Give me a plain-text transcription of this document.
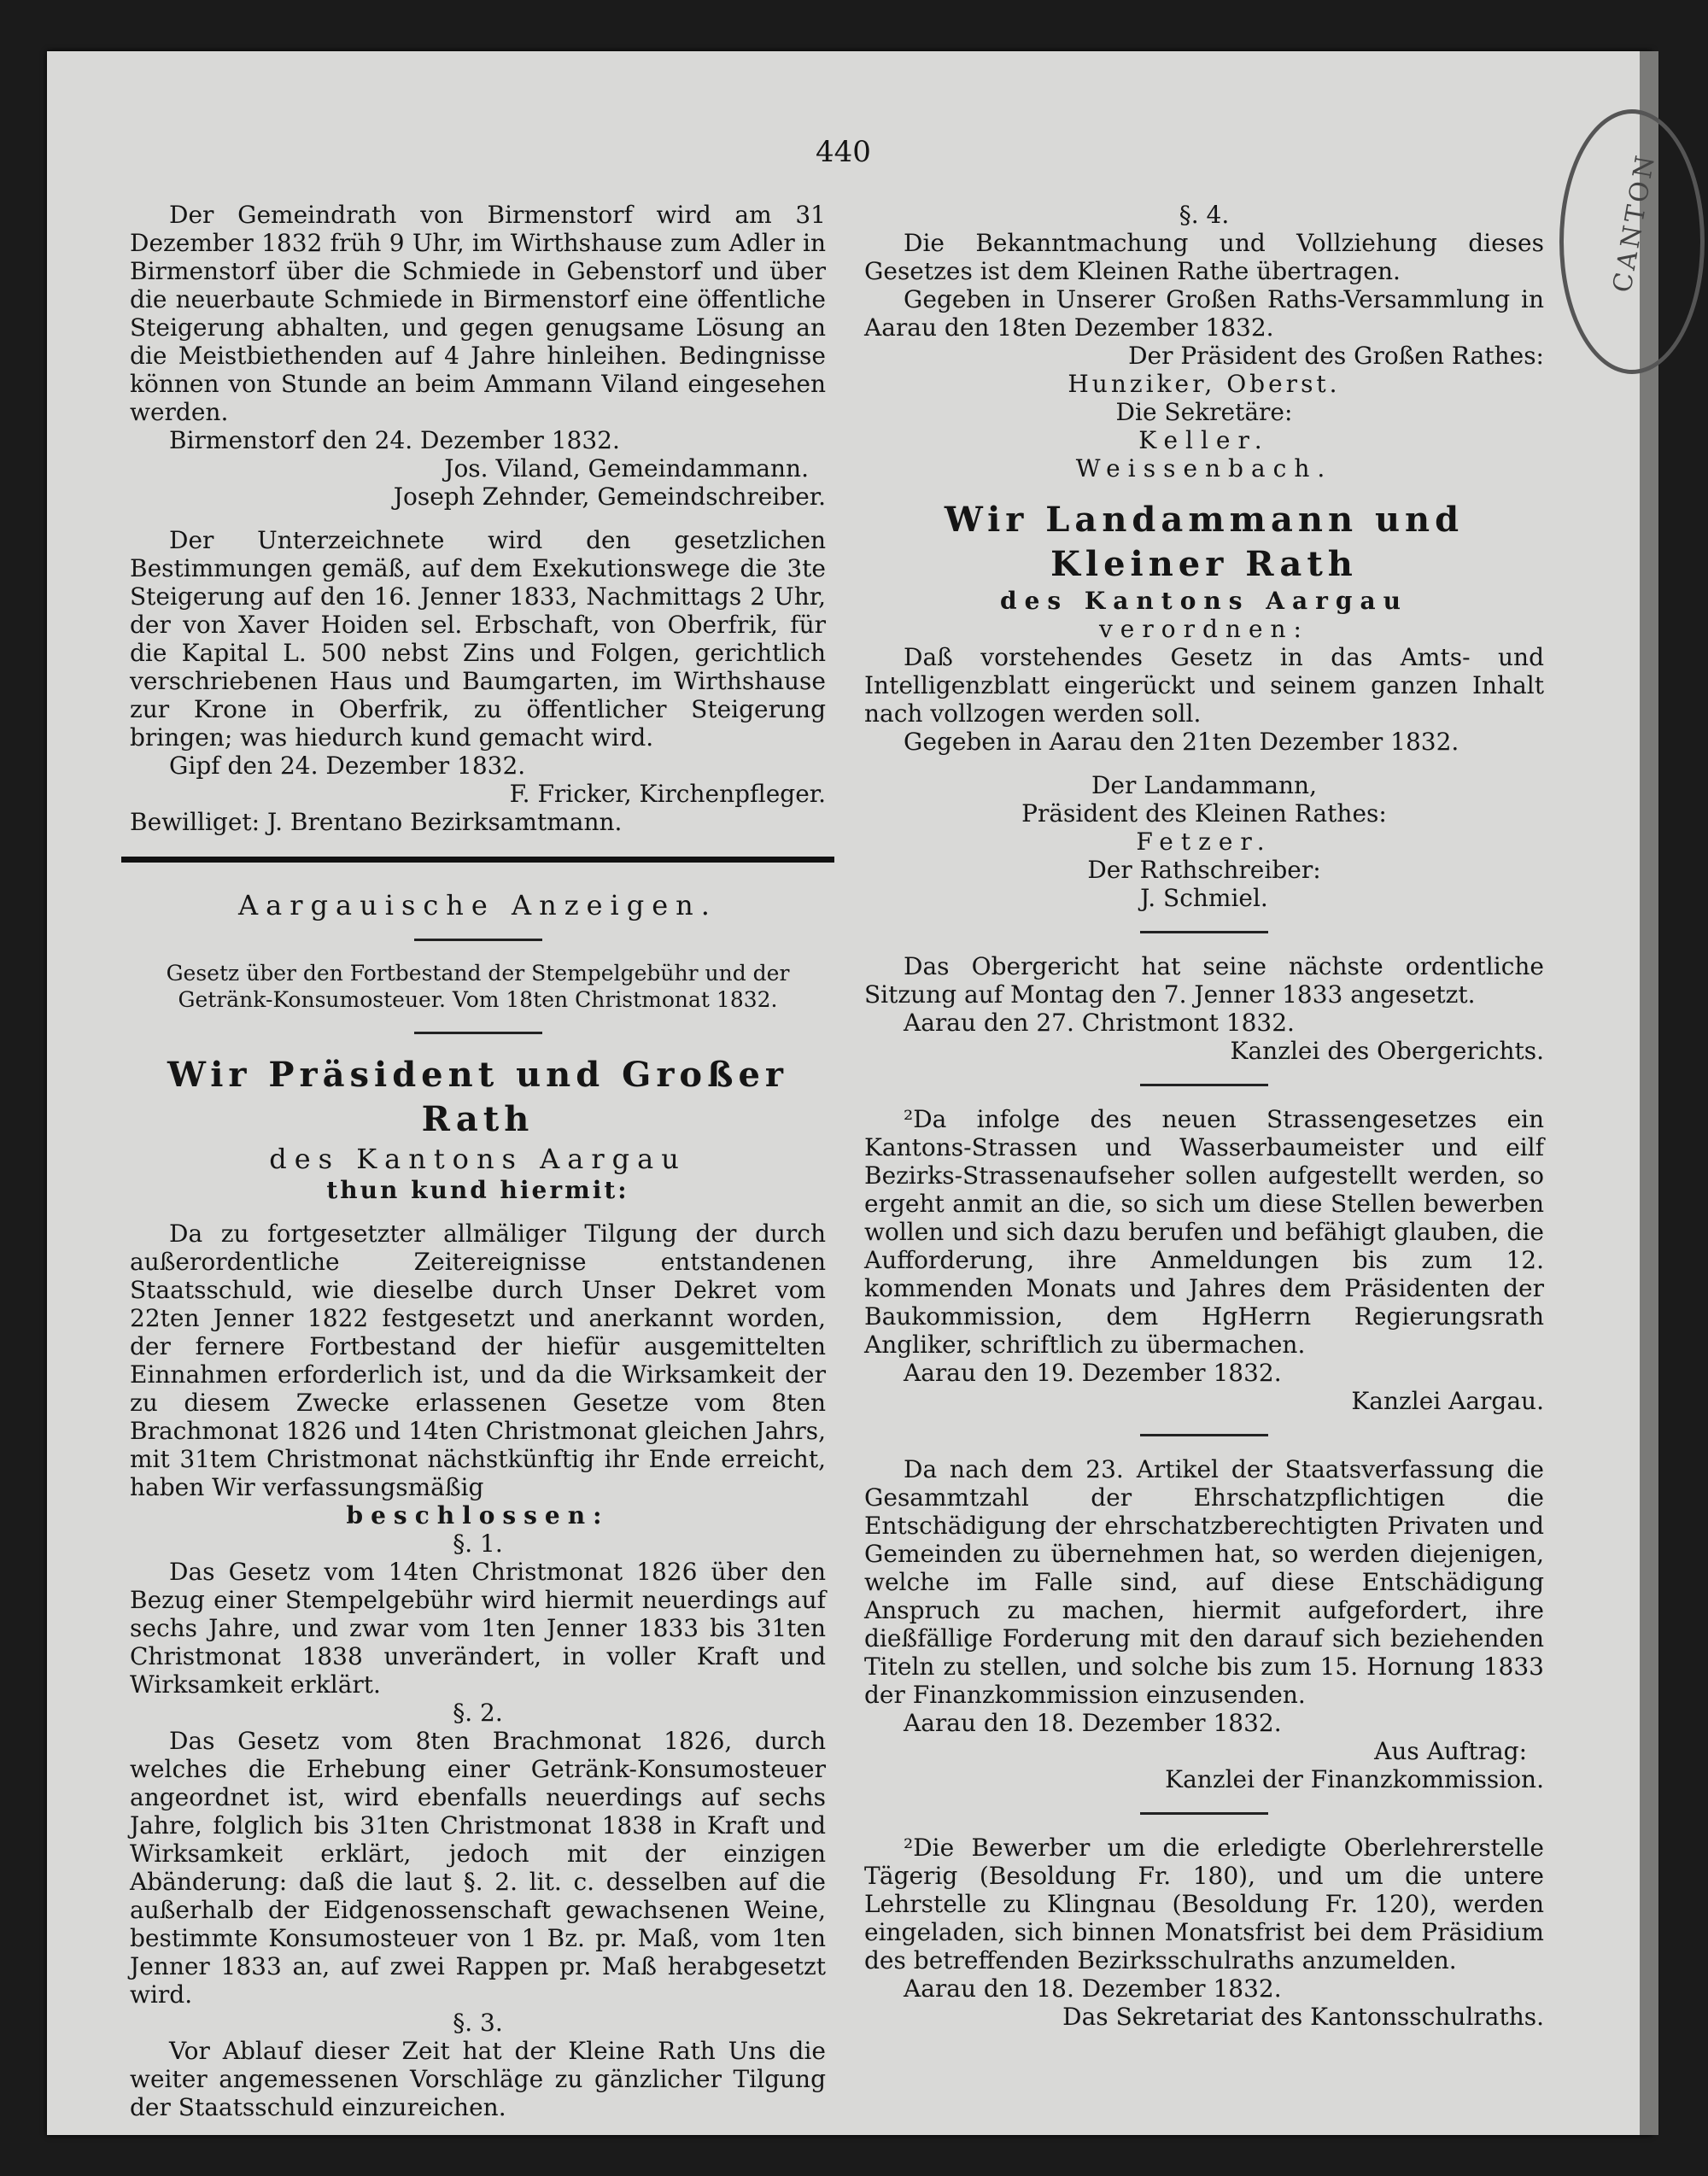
440	CANTON

Der Gemeindrath von Birmenstorf wird am 31 Dezember 1832 früh 9 Uhr, im Wirthshause zum Adler in Birmenstorf über die Schmiede in Gebenstorf und über die neuerbaute Schmiede in Birmenstorf eine öffentliche Steigerung abhalten, und gegen genugsame Lösung an die Meistbiethenden auf 4 Jahre hinleihen. Bedingnisse können von Stunde an beim Ammann Viland eingesehen werden.

Birmenstorf den 24. Dezember 1832.

Jos. Viland, Gemeindammann.

Joseph Zehnder, Gemeindschreiber.

Der Unterzeichnete wird den gesetzlichen Bestimmungen gemäß, auf dem Exekutionswege die 3te Steigerung auf den 16. Jenner 1833, Nachmittags 2 Uhr, der von Xaver Hoiden sel. Erbschaft, von Oberfrik, für die Kapital L. 500 nebst Zins und Folgen, gerichtlich verschriebenen Haus und Baumgarten, im Wirthshause zur Krone in Oberfrik, zu öffentlicher Steigerung bringen; was hiedurch kund gemacht wird.

Gipf den 24. Dezember 1832.

F. Fricker, Kirchenpfleger.

Bewilliget: J. Brentano Bezirksamtmann.

Aargauische Anzeigen.

Gesetz über den Fortbestand der Stempelgebühr und der Getränk-Konsumosteuer. Vom 18ten Christmonat 1832.

Wir Präsident und Großer Rath

des Kantons Aargau

thun kund hiermit:

Da zu fortgesetzter allmäliger Tilgung der durch außerordentliche Zeitereignisse entstandenen Staatsschuld, wie dieselbe durch Unser Dekret vom 22ten Jenner 1822 festgesetzt und anerkannt worden, der fernere Fortbestand der hiefür ausgemittelten Einnahmen erforderlich ist, und da die Wirksamkeit der zu diesem Zwecke erlassenen Gesetze vom 8ten Brachmonat 1826 und 14ten Christmonat gleichen Jahrs, mit 31tem Christmonat nächstkünftig ihr Ende erreicht, haben Wir verfassungsmäßig

beschlossen:

§. 1.

Das Gesetz vom 14ten Christmonat 1826 über den Bezug einer Stempelgebühr wird hiermit neuerdings auf sechs Jahre, und zwar vom 1ten Jenner 1833 bis 31ten Christmonat 1838 unverändert, in voller Kraft und Wirksamkeit erklärt.

§. 2.

Das Gesetz vom 8ten Brachmonat 1826, durch welches die Erhebung einer Getränk-Konsumosteuer angeordnet ist, wird ebenfalls neuerdings auf sechs Jahre, folglich bis 31ten Christmonat 1838 in Kraft und Wirksamkeit erklärt, jedoch mit der einzigen Abänderung: daß die laut §. 2. lit. c. desselben auf die außerhalb der Eidgenossenschaft gewachsenen Weine, bestimmte Konsumosteuer von 1 Bz. pr. Maß, vom 1ten Jenner 1833 an, auf zwei Rappen pr. Maß herabgesetzt wird.

§. 3.

Vor Ablauf dieser Zeit hat der Kleine Rath Uns die weiter angemessenen Vorschläge zu gänzlicher Tilgung der Staatsschuld einzureichen.

§. 4.

Die Bekanntmachung und Vollziehung dieses Gesetzes ist dem Kleinen Rathe übertragen.

Gegeben in Unserer Großen Raths-Versammlung in Aarau den 18ten Dezember 1832.

Der Präsident des Großen Rathes:

Hunziker, Oberst.

Die Sekretäre:

Keller.

Weissenbach.

Wir Landammann und Kleiner Rath

des Kantons Aargau

verordnen:

Daß vorstehendes Gesetz in das Amts- und Intelligenzblatt eingerückt und seinem ganzen Inhalt nach vollzogen werden soll.

Gegeben in Aarau den 21ten Dezember 1832.

Der Landammann,

Präsident des Kleinen Rathes:

Fetzer.

Der Rathschreiber:

J. Schmiel.

Das Obergericht hat seine nächste ordentliche Sitzung auf Montag den 7. Jenner 1833 angesetzt.

Aarau den 27. Christmont 1832.

Kanzlei des Obergerichts.

²Da infolge des neuen Strassengesetzes ein Kantons-Strassen und Wasserbaumeister und eilf Bezirks-Strassenaufseher sollen aufgestellt werden, so ergeht anmit an die, so sich um diese Stellen bewerben wollen und sich dazu berufen und befähigt glauben, die Aufforderung, ihre Anmeldungen bis zum 12. kommenden Monats und Jahres dem Präsidenten der Baukommission, dem HgHerrn Regierungsrath Angliker, schriftlich zu übermachen.

Aarau den 19. Dezember 1832.

Kanzlei Aargau.

Da nach dem 23. Artikel der Staatsverfassung die Gesammtzahl der Ehrschatzpflichtigen die Entschädigung der ehrschatzberechtigten Privaten und Gemeinden zu übernehmen hat, so werden diejenigen, welche im Falle sind, auf diese Entschädigung Anspruch zu machen, hiermit aufgefordert, ihre dießfällige Forderung mit den darauf sich beziehenden Titeln zu stellen, und solche bis zum 15. Hornung 1833 der Finanzkommission einzusenden.

Aarau den 18. Dezember 1832.

Aus Auftrag:

Kanzlei der Finanzkommission.

²Die Bewerber um die erledigte Oberlehrerstelle Tägerig (Besoldung Fr. 180), und um die untere Lehrstelle zu Klingnau (Besoldung Fr. 120), werden eingeladen, sich binnen Monatsfrist bei dem Präsidium des betreffenden Bezirksschulraths anzumelden.

Aarau den 18. Dezember 1832.

Das Sekretariat des Kantonsschulraths.
